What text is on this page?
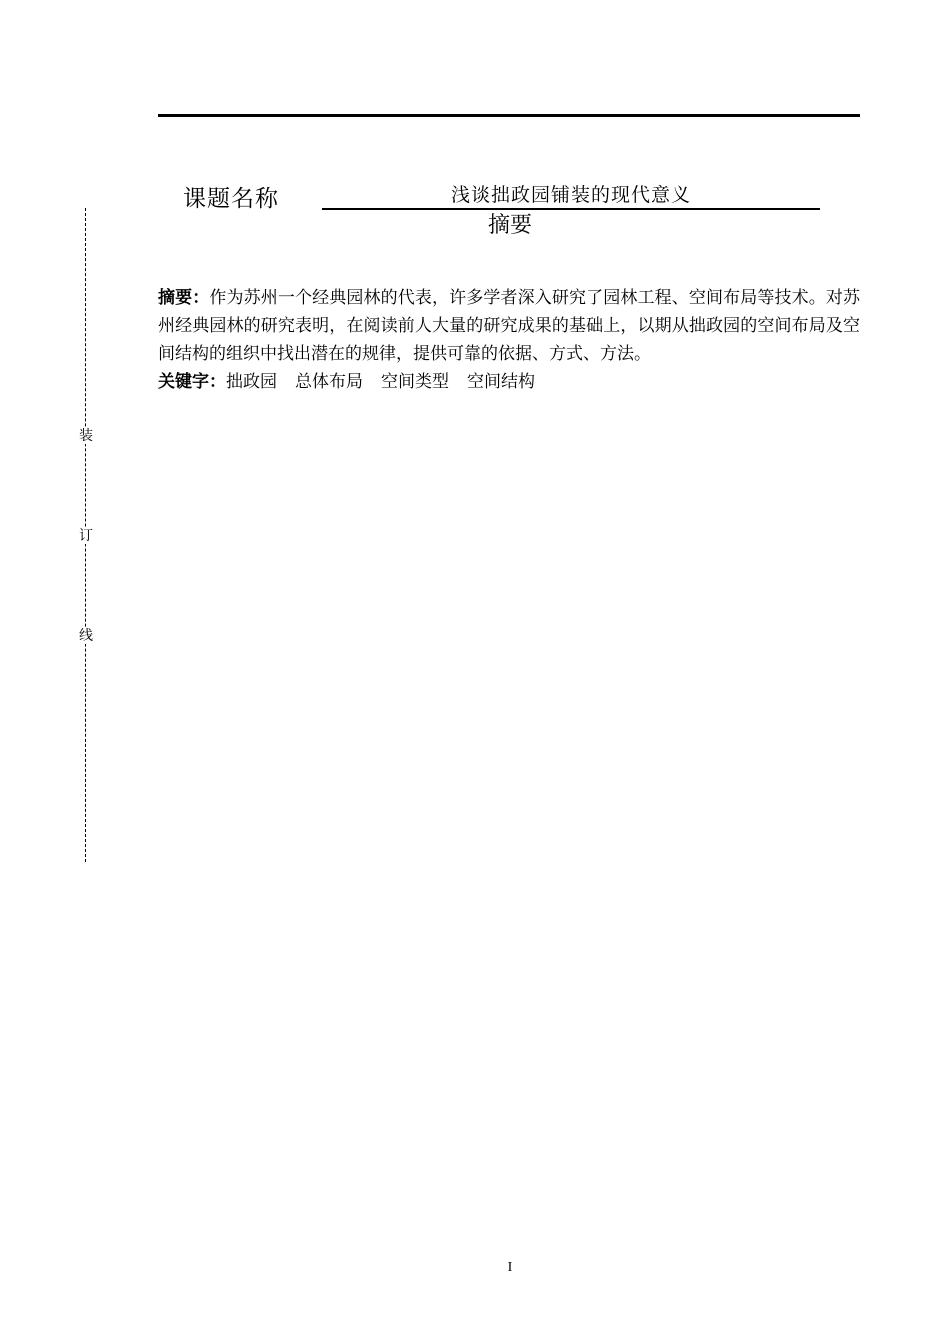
装
订
线
课题名称	浅谈拙政园铺装的现代意义
摘要
摘要：作为苏州一个经典园林的代表，许多学者深入研究了园林工程、空间布局等技术。对苏州经典园林的研究表明，在阅读前人大量的研究成果的基础上，以期从拙政园的空间布局及空间结构的组织中找出潜在的规律，提供可靠的依据、方式、方法。
关键字：拙政园 总体布局 空间类型 空间结构
I
